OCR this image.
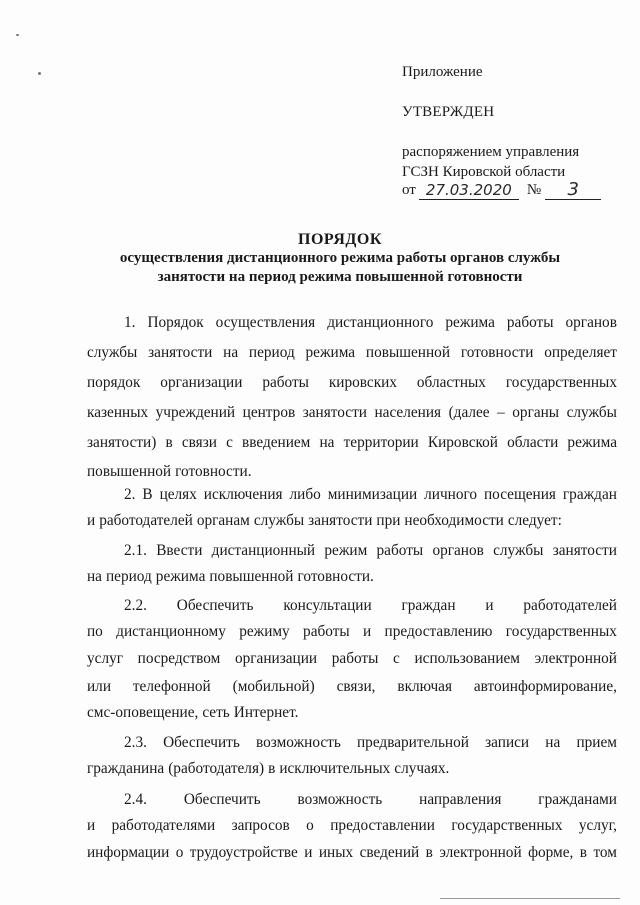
Приложение
УТВЕРЖДЕН
распоряжением управления
ГСЗН Кировской области
от 27.03.2020	№	3
ПОРЯДОК
осуществления дистанционного режима работы органов службы
занятости на период режима повышенной готовности
1. Порядок осуществления дистанционного режима работы органов
службы занятости на период режима повышенной готовности определяет
порядок организации работы кировских областных государственных
казенных учреждений центров занятости населения (далее – органы службы
занятости) в связи с введением на территории Кировской области режима
повышенной готовности.
2. В целях исключения либо минимизации личного посещения граждан
и работодателей органам службы занятости при необходимости следует:
2.1. Ввести дистанционный режим работы органов службы занятости
на период режима повышенной готовности.
2.2. Обеспечить консультации граждан и работодателей
по дистанционному режиму работы и предоставлению государственных
услуг посредством организации работы с использованием электронной
или телефонной (мобильной) связи, включая автоинформирование,
смс-оповещение, сеть Интернет.
2.3. Обеспечить возможность предварительной записи на прием
гражданина (работодателя) в исключительных случаях.
2.4. Обеспечить возможность направления гражданами
и работодателями запросов о предоставлении государственных услуг,
информации о трудоустройстве и иных сведений в электронной форме, в том
